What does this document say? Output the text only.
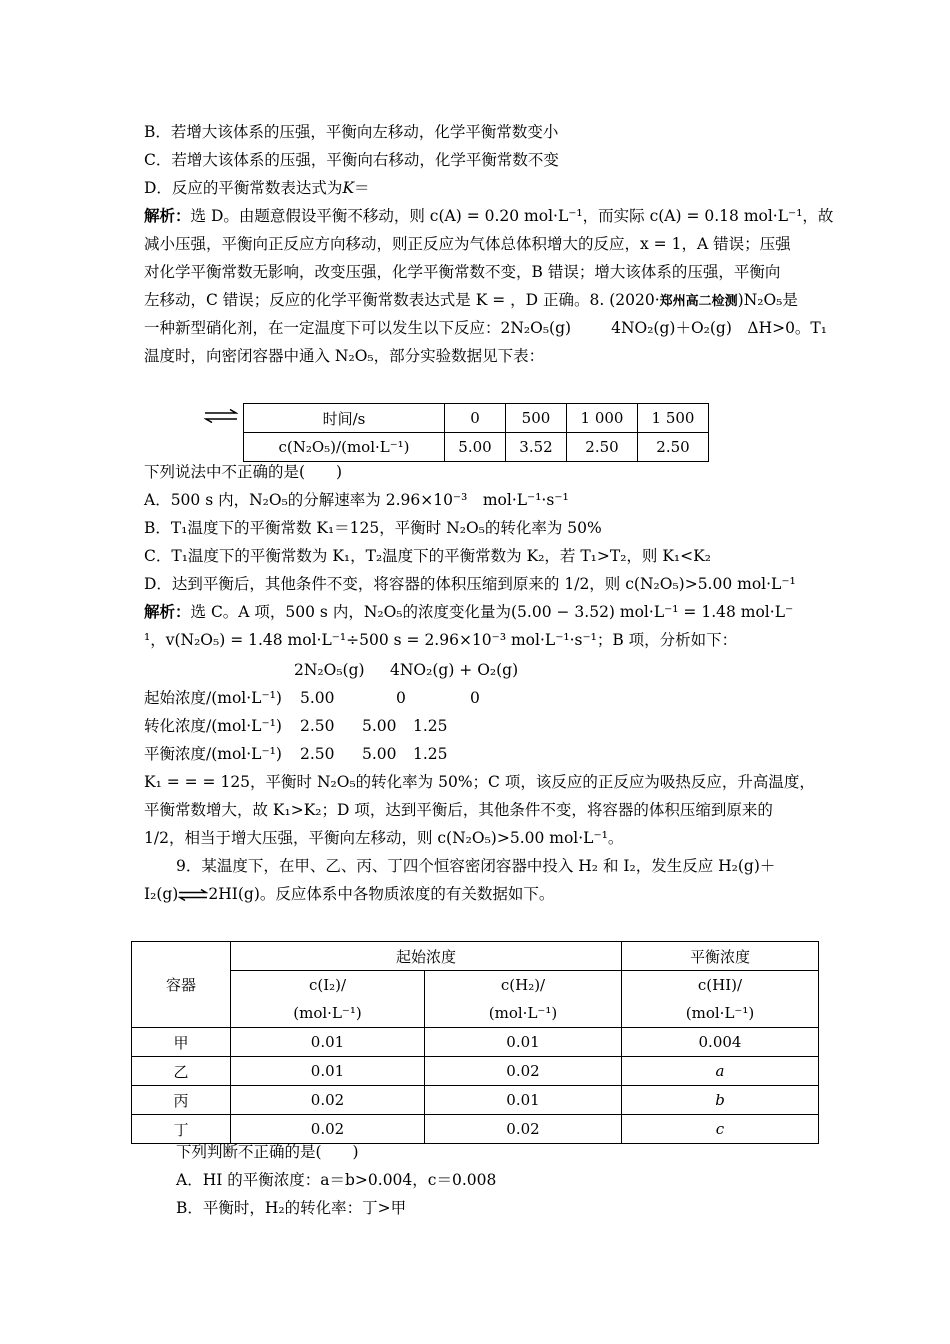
B．若增大该体系的压强，平衡向左移动，化学平衡常数变小
C．若增大该体系的压强，平衡向右移动，化学平衡常数不变
D．反应的平衡常数表达式为K＝
解析：选 D。由题意假设平衡不移动，则 c(A) = 0.20 mol·L⁻¹，而实际 c(A) = 0.18 mol·L⁻¹，故
减小压强，平衡向正反应方向移动，则正反应为气体总体积增大的反应，x = 1，A 错误；压强
对化学平衡常数无影响，改变压强，化学平衡常数不变，B 错误；增大该体系的压强，平衡向
左移动，C 错误；反应的化学平衡常数表达式是 K = ，D 正确。8. (2020·郑州高二检测)N₂O₅是
一种新型硝化剂，在一定温度下可以发生以下反应：2N₂O₅(g)	4NO₂(g)＋O₂(g)　ΔH>0。T₁
温度时，向密闭容器中通入 N₂O₅，部分实验数据见下表：
时间/s	0	500	1 000	1 500
c(N₂O₅)/(mol·L⁻¹)	5.00	3.52	2.50	2.50
下列说法中不正确的是(　　)
A．500 s 内，N₂O₅的分解速率为 2.96×10⁻³　mol·L⁻¹·s⁻¹
B．T₁温度下的平衡常数 K₁＝125，平衡时 N₂O₅的转化率为 50%
C．T₁温度下的平衡常数为 K₁，T₂温度下的平衡常数为 K₂，若 T₁>T₂，则 K₁<K₂
D．达到平衡后，其他条件不变，将容器的体积压缩到原来的 1/2，则 c(N₂O₅)>5.00 mol·L⁻¹
解析：选 C。A 项，500 s 内，N₂O₅的浓度变化量为(5.00 − 3.52) mol·L⁻¹ = 1.48 mol·L⁻
¹，v(N₂O₅) = 1.48 mol·L⁻¹÷500 s = 2.96×10⁻³ mol·L⁻¹·s⁻¹；B 项，分析如下：
2N₂O₅(g) 4NO₂(g) + O₂(g)
起始浓度/(mol·L⁻¹) 5.00	0	0
转化浓度/(mol·L⁻¹) 2.50 5.00 1.25
平衡浓度/(mol·L⁻¹) 2.50 5.00 1.25
K₁ = = = 125，平衡时 N₂O₅的转化率为 50%；C 项，该反应的正反应为吸热反应，升高温度，
平衡常数增大，故 K₁>K₂；D 项，达到平衡后，其他条件不变，将容器的体积压缩到原来的
1/2，相当于增大压强，平衡向左移动，则 c(N₂O₅)>5.00 mol·L⁻¹。
9．某温度下，在甲、乙、丙、丁四个恒容密闭容器中投入 H₂ 和 I₂，发生反应 H₂(g)＋
I₂(g)⇌2HI(g)。反应体系中各物质浓度的有关数据如下。
容器	起始浓度		平衡浓度
	c(I₂)/	c(H₂)/	c(HI)/
	(mol·L⁻¹)	(mol·L⁻¹)	(mol·L⁻¹)
甲	0.01	0.01	0.004
乙	0.01	0.02	a
丙	0.02	0.01	b
丁	0.02	0.02	c
下列判断不正确的是(　　)
A．HI 的平衡浓度：a＝b>0.004，c＝0.008
B．平衡时，H₂的转化率：丁>甲
